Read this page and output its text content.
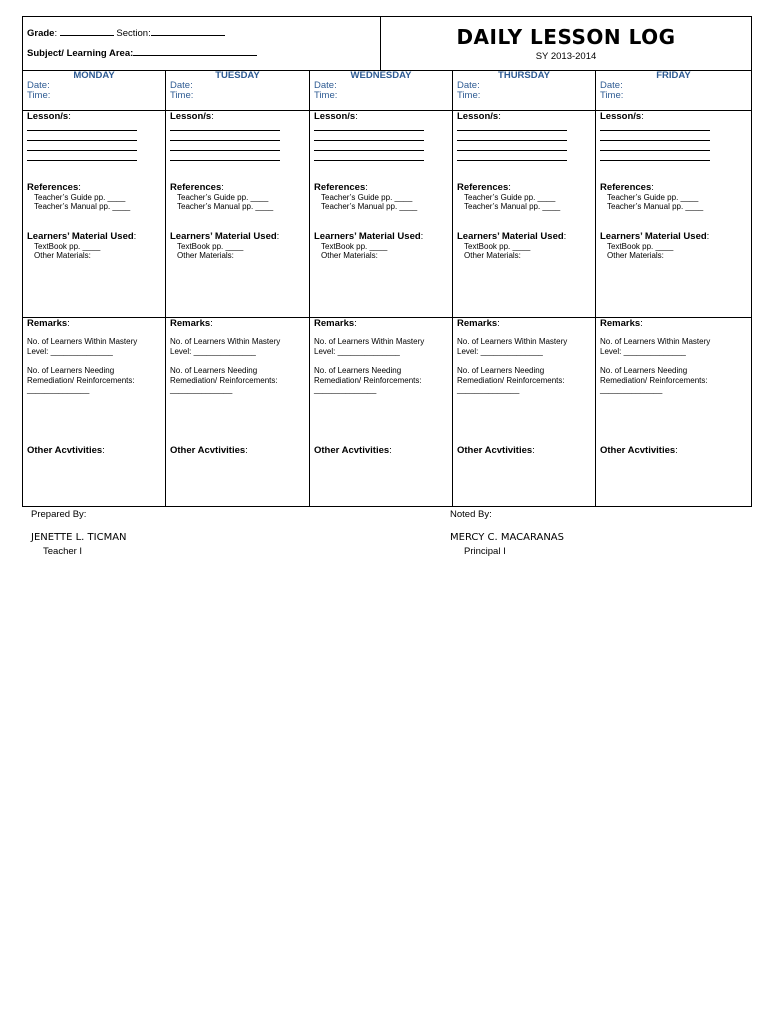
Grade:	Section:
Subject/ Learning Area:
DAILY LESSON LOG
SY 2013-2014
MONDAY
Date:
Time:
Lesson/s:
References:
Teacher’s Guide pp. ____
Teacher’s Manual pp. ____
Learners’ Material Used:
TextBook pp. ____
Other Materials:
Remarks:
No. of Learners Within Mastery
Level: ______________
No. of Learners Needing
Remediation/ Reinforcements:
______________
Other Acvtivities:
TUESDAY
Date:
Time:
Lesson/s:
References:
Teacher’s Guide pp. ____
Teacher’s Manual pp. ____
Learners’ Material Used:
TextBook pp. ____
Other Materials:
Remarks:
No. of Learners Within Mastery
Level: ______________
No. of Learners Needing
Remediation/ Reinforcements:
______________
Other Acvtivities:
WEDNESDAY
Date:
Time:
Lesson/s:
References:
Teacher’s Guide pp. ____
Teacher’s Manual pp. ____
Learners’ Material Used:
TextBook pp. ____
Other Materials:
Remarks:
No. of Learners Within Mastery
Level: ______________
No. of Learners Needing
Remediation/ Reinforcements:
______________
Other Acvtivities:
THURSDAY
Date:
Time:
Lesson/s:
References:
Teacher’s Guide pp. ____
Teacher’s Manual pp. ____
Learners’ Material Used:
TextBook pp. ____
Other Materials:
Remarks:
No. of Learners Within Mastery
Level: ______________
No. of Learners Needing
Remediation/ Reinforcements:
______________
Other Acvtivities:
FRIDAY
Date:
Time:
Lesson/s:
References:
Teacher’s Guide pp. ____
Teacher’s Manual pp. ____
Learners’ Material Used:
TextBook pp. ____
Other Materials:
Remarks:
No. of Learners Within Mastery
Level: ______________
No. of Learners Needing
Remediation/ Reinforcements:
______________
Other Acvtivities:
Prepared By:
JENETTE L. TICMAN
Teacher I
Noted By:
MERCY C. MACARANAS
Principal I
